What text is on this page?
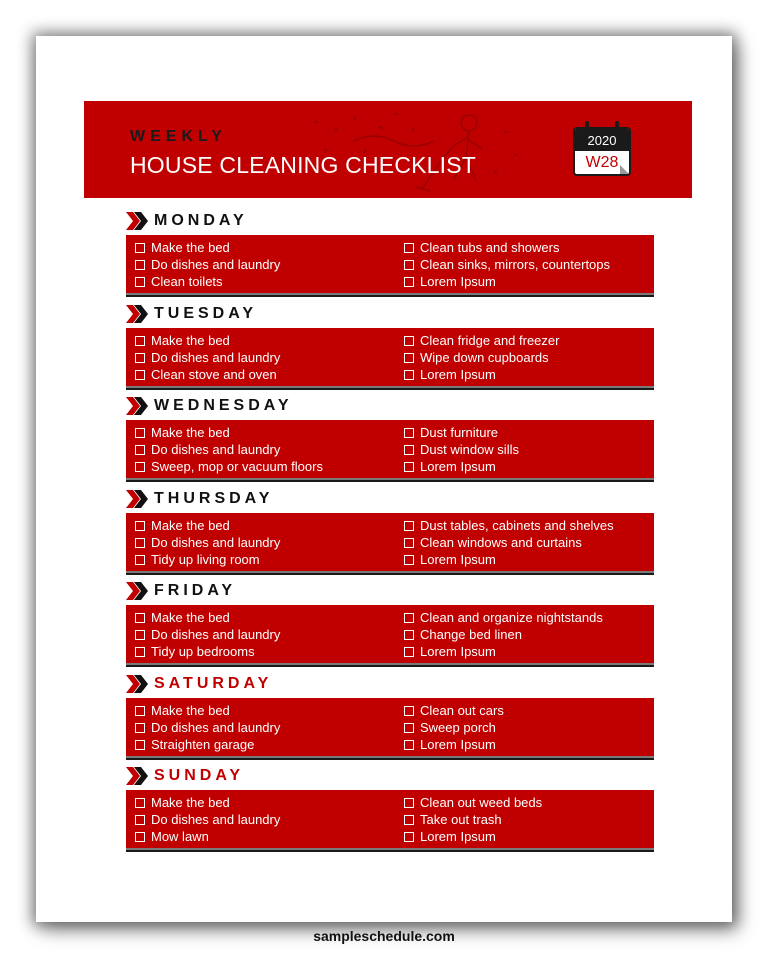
WEEKLY
HOUSE CLEANING CHECKLIST
2020
W28
MONDAY
Make the bed
Do dishes and laundry
Clean toilets
Clean tubs and showers
Clean sinks, mirrors, countertops
Lorem Ipsum
TUESDAY
Make the bed
Do dishes and laundry
Clean stove and oven
Clean fridge and freezer
Wipe down cupboards
Lorem Ipsum
WEDNESDAY
Make the bed
Do dishes and laundry
Sweep, mop or vacuum floors
Dust furniture
Dust window sills
Lorem Ipsum
THURSDAY
Make the bed
Do dishes and laundry
Tidy up living room
Dust tables, cabinets and shelves
Clean windows and curtains
Lorem Ipsum
FRIDAY
Make the bed
Do dishes and laundry
Tidy up bedrooms
Clean and organize nightstands
Change bed linen
Lorem Ipsum
SATURDAY
Make the bed
Do dishes and laundry
Straighten garage
Clean out cars
Sweep porch
Lorem Ipsum
SUNDAY
Make the bed
Do dishes and laundry
Mow lawn
Clean out weed beds
Take out trash
Lorem Ipsum
sampleschedule.com
